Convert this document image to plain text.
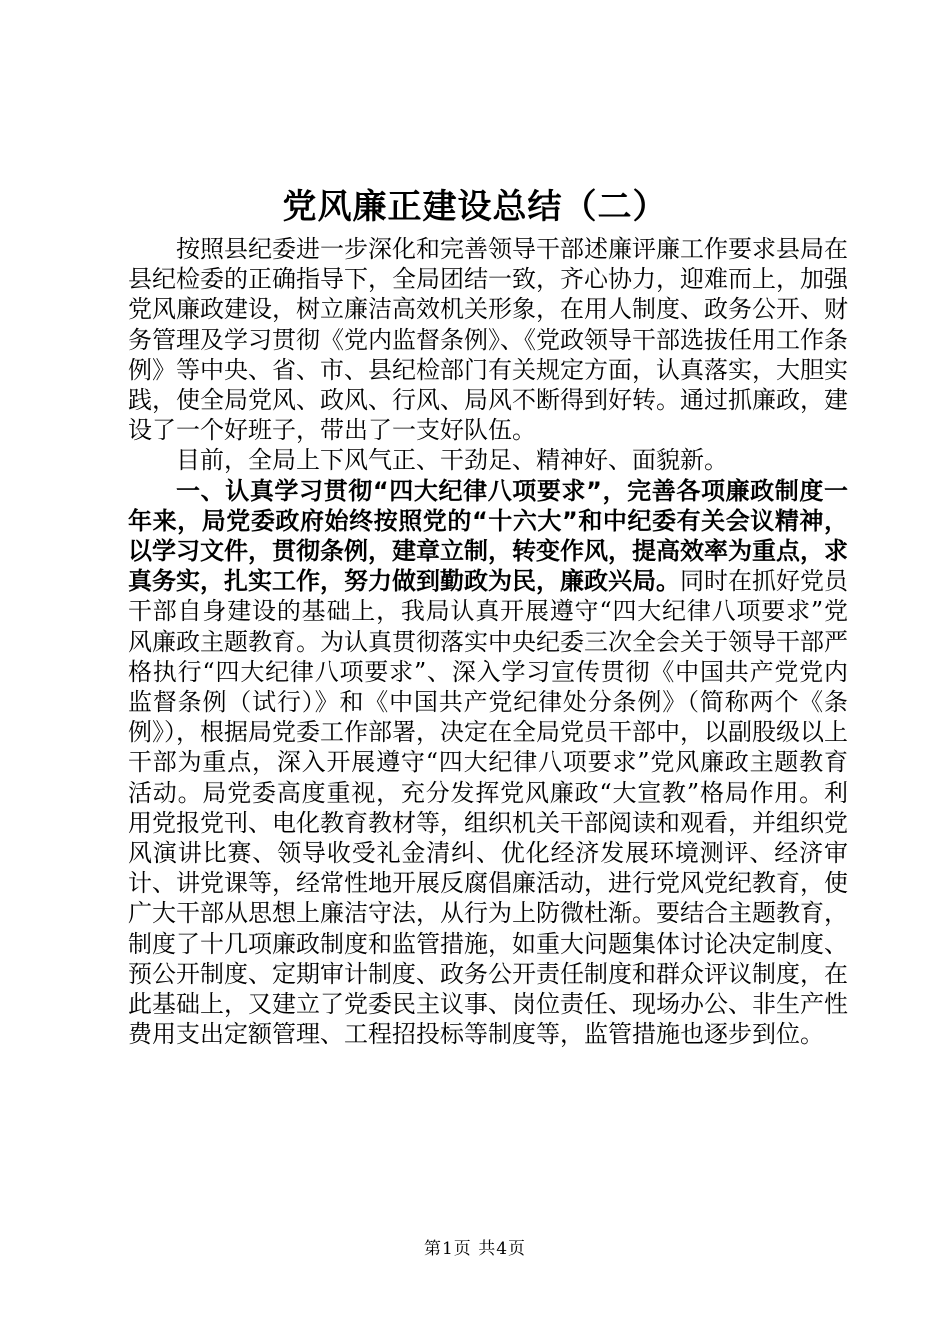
党风廉正建设总结（二）

按照县纪委进一步深化和完善领导干部述廉评廉工作要求县局在县纪检委的正确指导下，全局团结一致，齐心协力，迎难而上，加强党风廉政建设，树立廉洁高效机关形象，在用人制度、政务公开、财务管理及学习贯彻《党内监督条例》、《党政领导干部选拔任用工作条例》等中央、省、市、县纪检部门有关规定方面，认真落实，大胆实践，使全局党风、政风、行风、局风不断得到好转。通过抓廉政，建设了一个好班子，带出了一支好队伍。

目前，全局上下风气正、干劲足、精神好、面貌新。

一、认真学习贯彻“四大纪律八项要求”，完善各项廉政制度一年来，局党委政府始终按照党的“十六大”和中纪委有关会议精神，以学习文件，贯彻条例，建章立制，转变作风，提高效率为重点，求真务实，扎实工作，努力做到勤政为民，廉政兴局。同时在抓好党员干部自身建设的基础上，我局认真开展遵守“四大纪律八项要求”党风廉政主题教育。为认真贯彻落实中央纪委三次全会关于领导干部严格执行“四大纪律八项要求”、深入学习宣传贯彻《中国共产党党内监督条例（试行）》和《中国共产党纪律处分条例》（简称两个《条例》），根据局党委工作部署，决定在全局党员干部中，以副股级以上干部为重点，深入开展遵守“四大纪律八项要求”党风廉政主题教育活动。局党委高度重视，充分发挥党风廉政“大宣教”格局作用。利用党报党刊、电化教育教材等，组织机关干部阅读和观看，并组织党风演讲比赛、领导收受礼金清纠、优化经济发展环境测评、经济审计、讲党课等，经常性地开展反腐倡廉活动，进行党风党纪教育，使广大干部从思想上廉洁守法，从行为上防微杜渐。要结合主题教育，制度了十几项廉政制度和监管措施，如重大问题集体讨论决定制度、预公开制度、定期审计制度、政务公开责任制度和群众评议制度，在此基础上，又建立了党委民主议事、岗位责任、现场办公、非生产性费用支出定额管理、工程招投标等制度等，监管措施也逐步到位。

第1页 共4页
